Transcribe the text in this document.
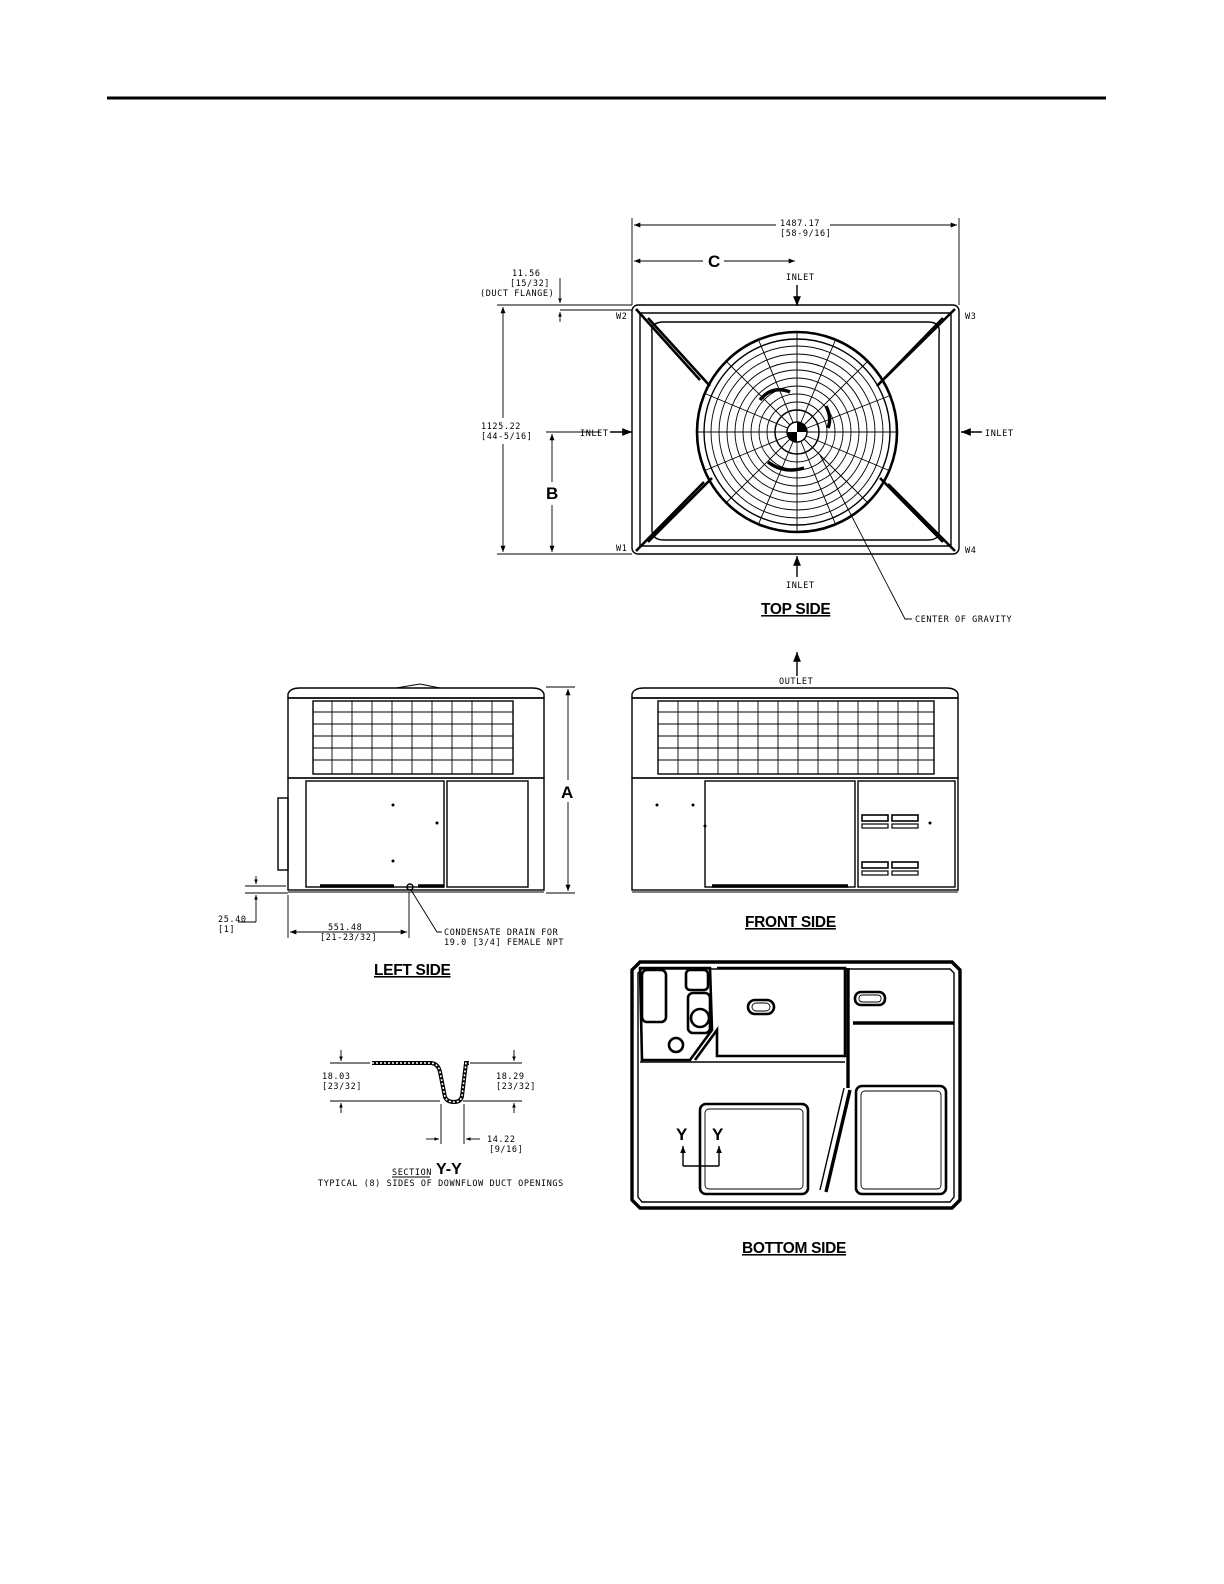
1487.17
[58-9/16]
C
CENTER OF GRAVITY
W2	W3
W1	W4
INLET
INLET	INLET
INLET
11.56
[15/32]
(DUCT FLANGE)
1125.22
[44-5/16]
B
TOP SIDE
A
25.40
[1]	551.48
[21-23/32]	CONDENSATE DRAIN FOR
19.0 [3/4] FEMALE NPT
LEFT SIDE
OUTLET
FRONT SIDE
18.03
[23/32]
18.29
[23/32]
14.22
[9/16]
SECTION Y-Y
TYPICAL (8) SIDES OF DOWNFLOW DUCT OPENINGS
Y Y
BOTTOM SIDE
